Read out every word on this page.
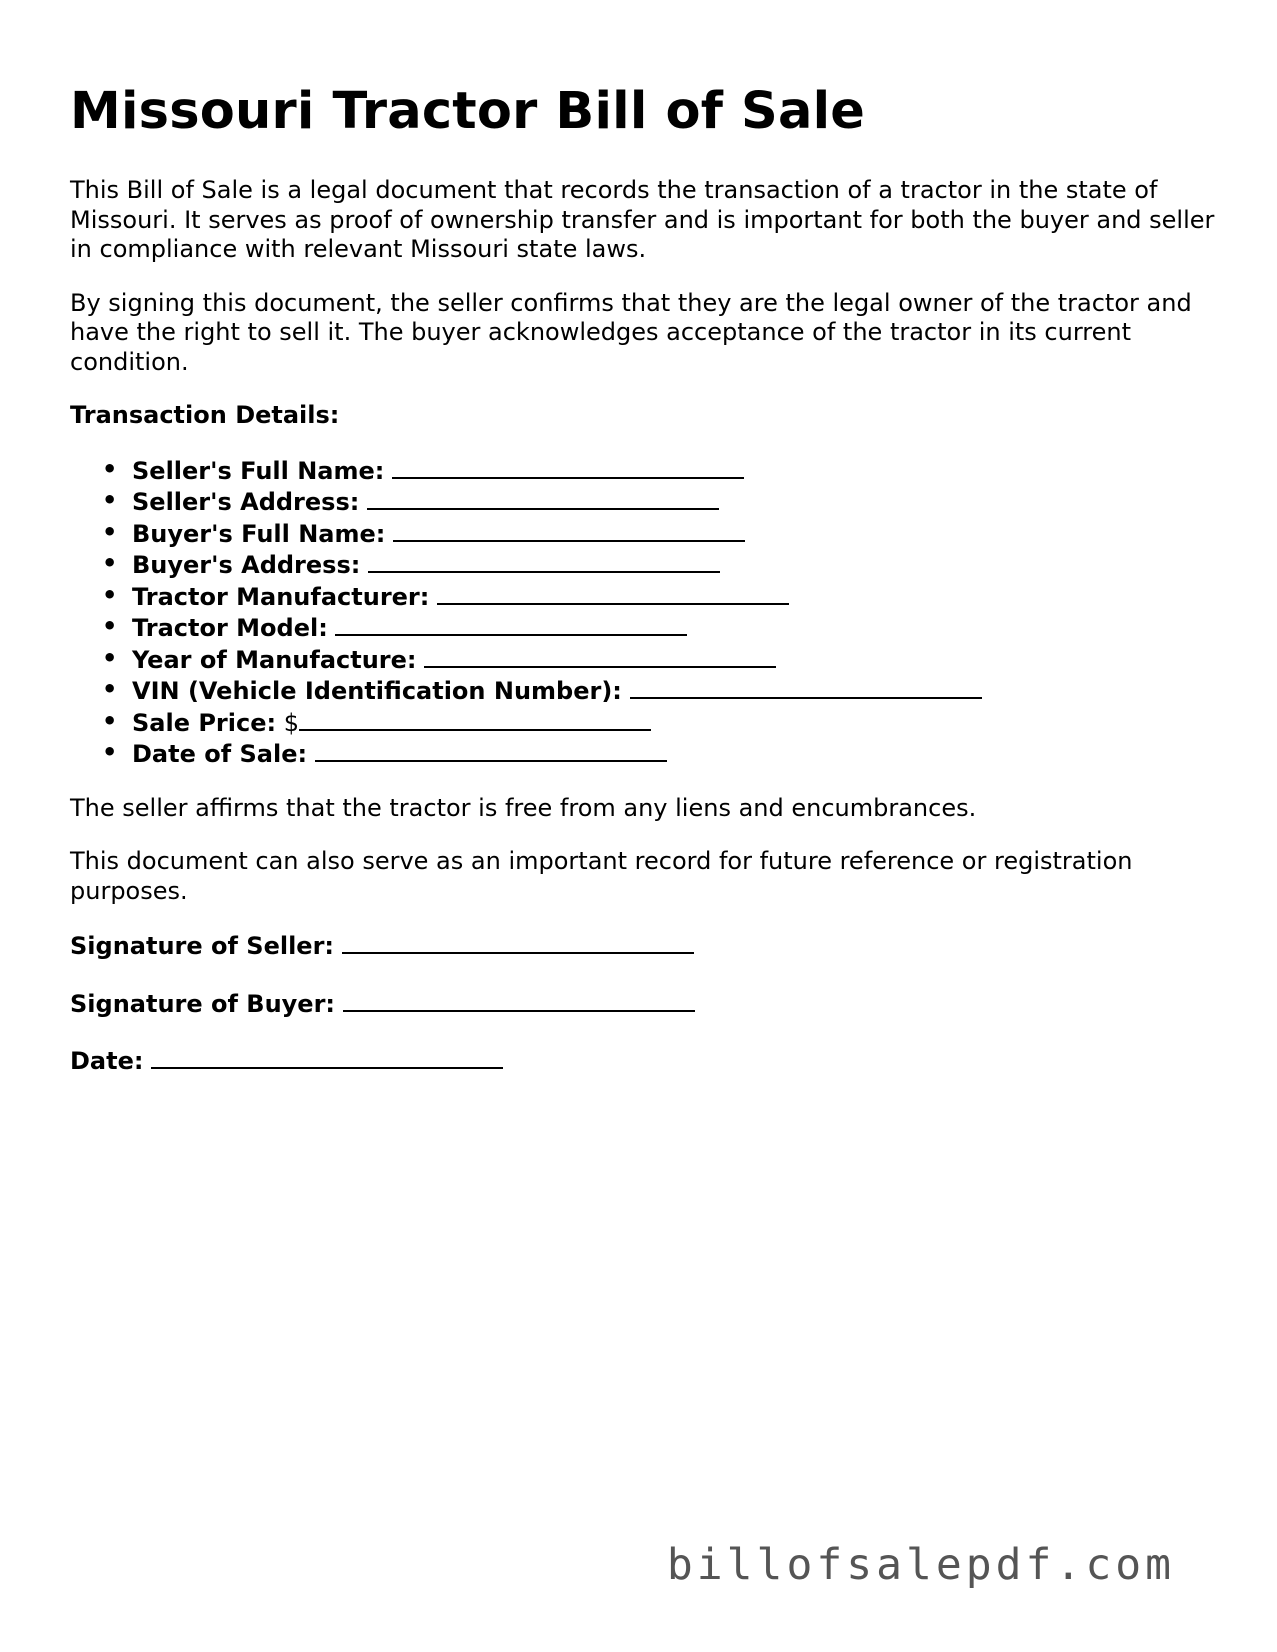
Missouri Tractor Bill of Sale

This Bill of Sale is a legal document that records the transaction of a tractor in the state of Missouri. It serves as proof of ownership transfer and is important for both the buyer and seller in compliance with relevant Missouri state laws.

By signing this document, the seller confirms that they are the legal owner of the tractor and have the right to sell it. The buyer acknowledges acceptance of the tractor in its current condition.

Transaction Details:

• Seller's Full Name:
• Seller's Address:
• Buyer's Full Name:
• Buyer's Address:
• Tractor Manufacturer:
• Tractor Model:
• Year of Manufacture:
• VIN (Vehicle Identification Number):
• Sale Price: $
• Date of Sale:

The seller affirms that the tractor is free from any liens and encumbrances.

This document can also serve as an important record for future reference or registration purposes.

Signature of Seller:
Signature of Buyer:
Date:
billofsalepdf.com
